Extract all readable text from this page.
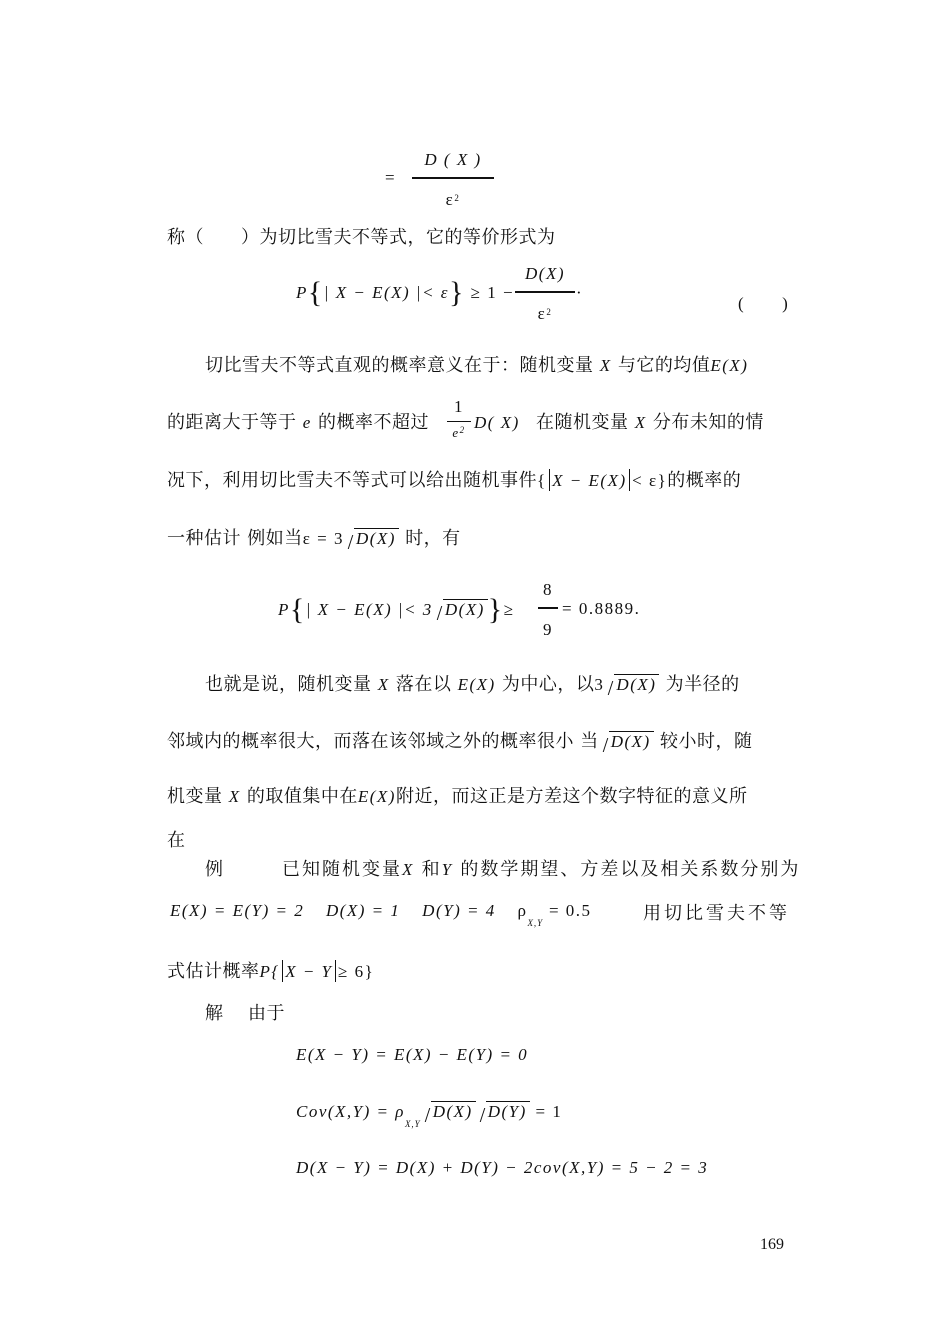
=
D ( X )
$\varepsilon^2$
称（　　）为切比雪夫不等式，它的等价形式为
P{| X − E(X) |< ε} ≥ 1 −
D(X)
$\varepsilon^2$
·
(　　)
切比雪夫不等式直观的概率意义在于：随机变量 X 与它的均值E(X)
的距离大于等于 e 的概率不超过
1
$e^2$ D( X) 在随机变量 X 分布未知的情
况下，利用切比雪夫不等式可以给出随机事件{ X − E(X) < ε}的概率的
一种估计 例如当ε = 3 D(X) 时，有
P{| X − E(X) |< 3 D(X) }≥
8
9
= 0.8889.
也就是说，随机变量 X 落在以 E(X) 为中心，以3 D(X) 为半径的
邻域内的概率很大，而落在该邻域之外的概率很小 当 D(X) 较小时，随
机变量 X 的取值集中在E(X)附近，而这正是方差这个数字特征的意义所
在
例	已知随机变量X 和Y 的数学期望、方差以及相关系数分别为
E(X) = E(Y) = 2 D(X) = 1 D(Y) = 4 $\rho_{X,Y} = 0.5$	用切比雪夫不等
式估计概率P{ X − Y ≥ 6}
解 由于
E(X − Y) = E(X) − E(Y) = 0
$Cov(X,Y) = \rho_{X,Y}D(X) D(Y) = 1$
D(X − Y) = D(X) + D(Y) − 2cov(X,Y) = 5 − 2 = 3
169
